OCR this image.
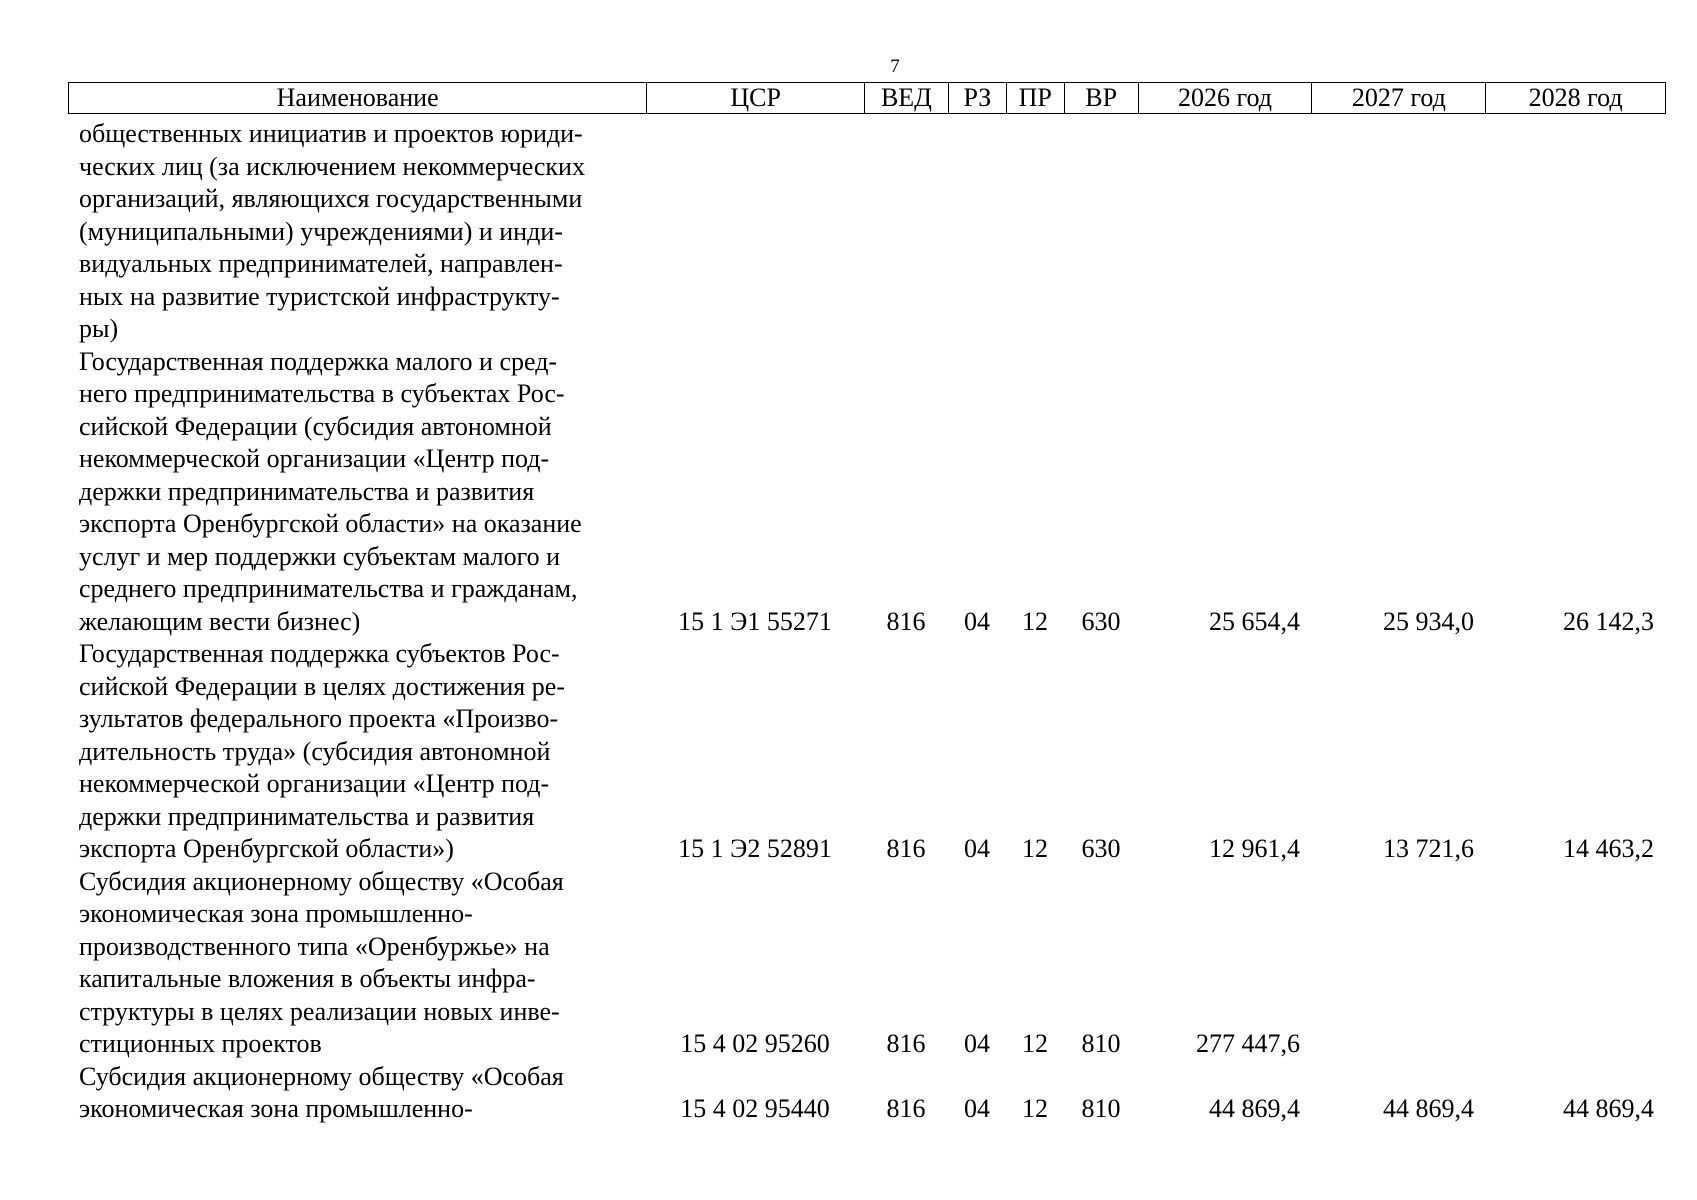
7
Наименование	ЦСР	ВЕД	РЗ	ПР	ВР	2026 год	2027 год	2028 год
общественных инициатив и проектов юриди-
ческих лиц (за исключением некоммерческих
организаций, являющихся государственными
(муниципальными) учреждениями) и инди-
видуальных предпринимателей, направлен-
ных на развитие туристской инфраструкту-
ры)
Государственная поддержка малого и сред-
него предпринимательства в субъектах Рос-
сийской Федерации (субсидия автономной
некоммерческой организации «Центр под-
держки предпринимательства и развития
экспорта Оренбургской области» на оказание
услуг и мер поддержки субъектам малого и
среднего предпринимательства и гражданам,
желающим вести бизнес)	15 1 Э1 55271	816	04	12	630	25 654,4	25 934,0	26 142,3
Государственная поддержка субъектов Рос-
сийской Федерации в целях достижения ре-
зультатов федерального проекта «Произво-
дительность труда» (субсидия автономной
некоммерческой организации «Центр под-
держки предпринимательства и развития
экспорта Оренбургской области»)	15 1 Э2 52891	816	04	12	630	12 961,4	13 721,6	14 463,2
Субсидия акционерному обществу «Особая
экономическая зона промышленно-
производственного типа «Оренбуржье» на
капитальные вложения в объекты инфра-
структуры в целях реализации новых инве-
стиционных проектов	15 4 02 95260	816	04	12	810	277 447,6
Субсидия акционерному обществу «Особая
экономическая зона промышленно-	15 4 02 95440	816	04	12	810	44 869,4	44 869,4	44 869,4
